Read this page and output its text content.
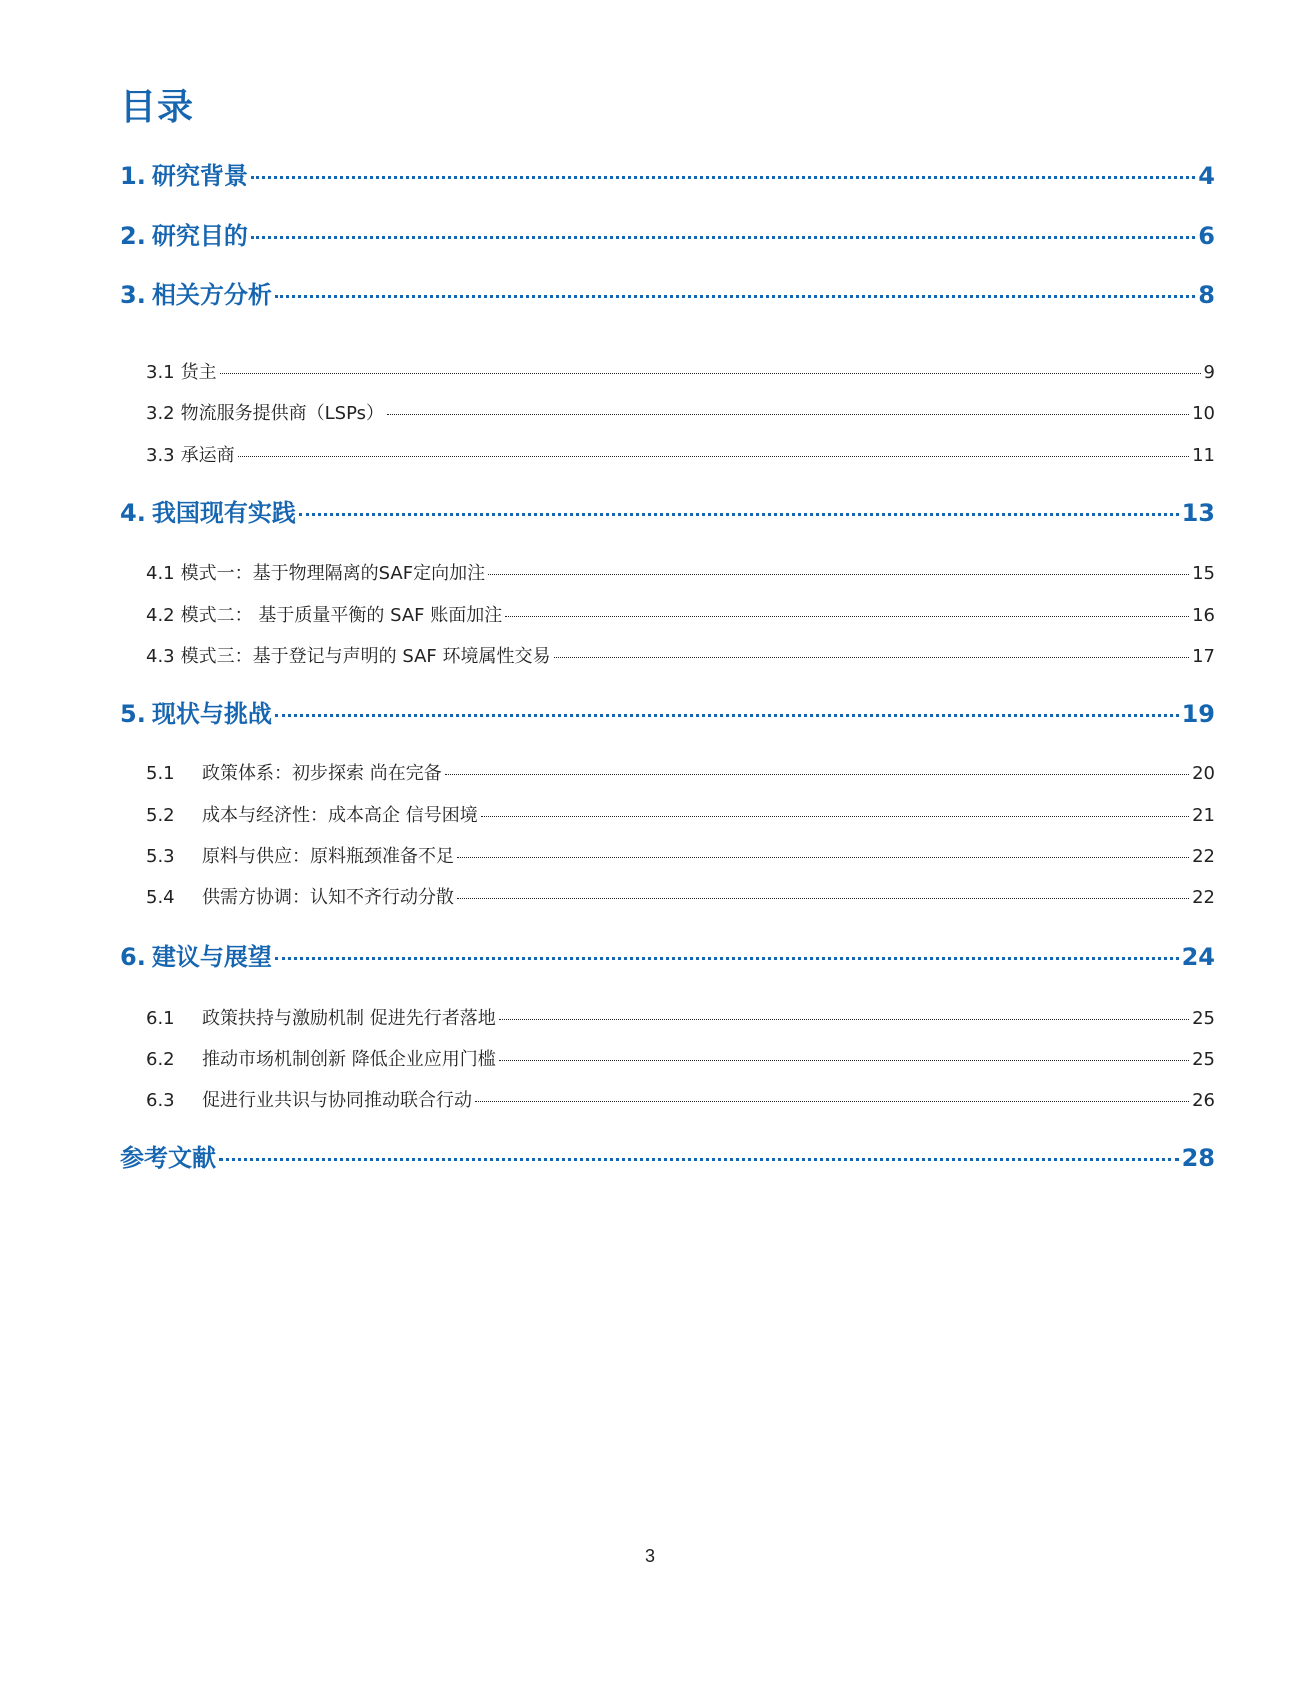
目录
1. 研究背景	4
2. 研究目的	6
3. 相关方分析	8
3.1 货主	9
3.2 物流服务提供商（LSPs）	10
3.3 承运商	11
4. 我国现有实践	13
4.1 模式一：基于物理隔离的SAF定向加注	15
4.2 模式二： 基于质量平衡的 SAF 账面加注	16
4.3 模式三：基于登记与声明的 SAF 环境属性交易	17
5. 现状与挑战	19
5.1	政策体系：初步探索 尚在完备	20
5.2	成本与经济性：成本高企 信号困境	21
5.3	原料与供应：原料瓶颈准备不足	22
5.4	供需方协调：认知不齐行动分散	22
6. 建议与展望	24
6.1	政策扶持与激励机制 促进先行者落地	25
6.2	推动市场机制创新 降低企业应用门槛	25
6.3	促进行业共识与协同推动联合行动	26
参考文献	28
3
